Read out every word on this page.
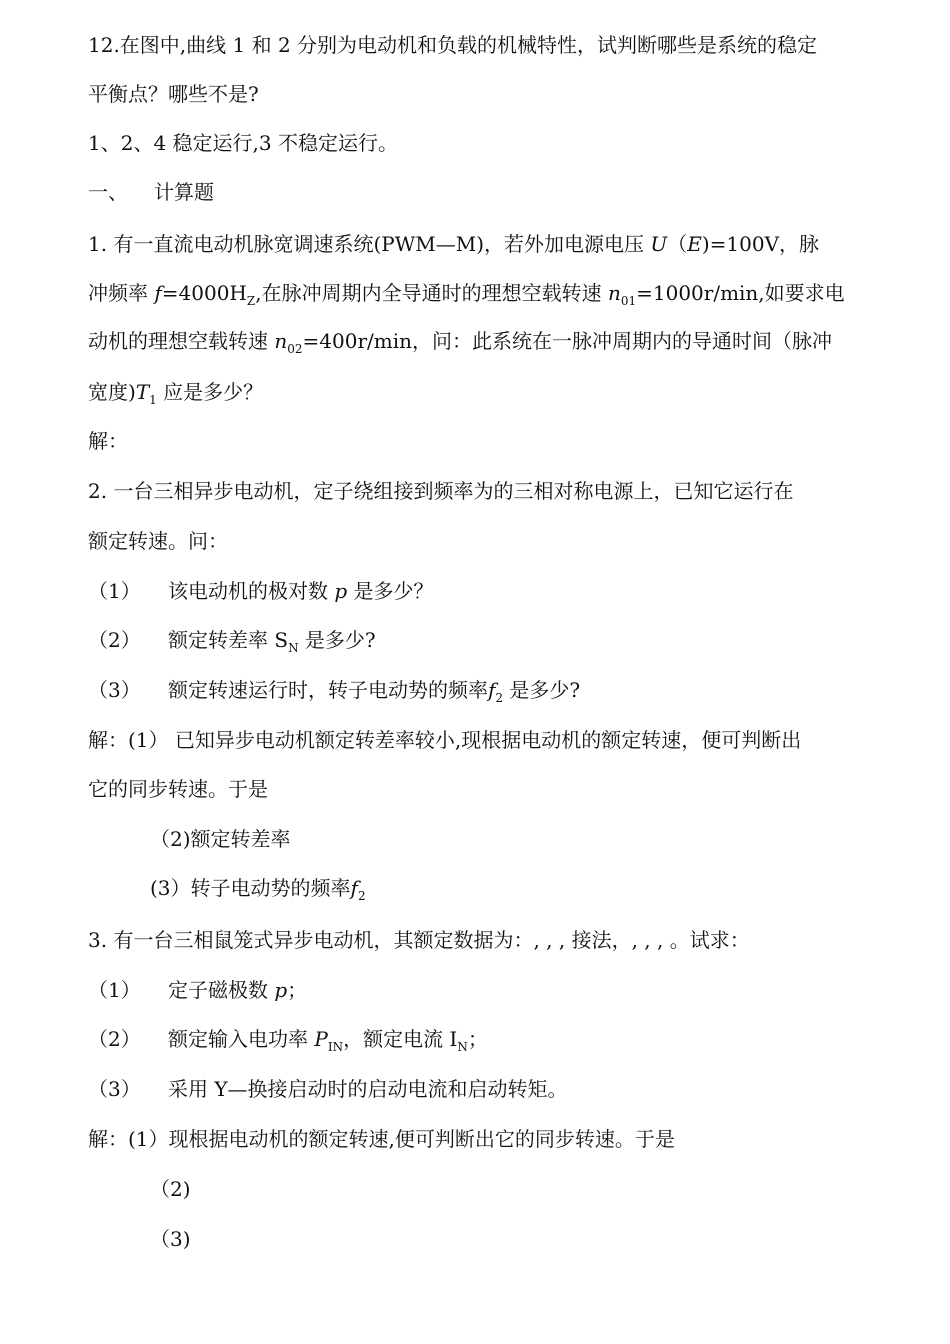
12.在图中,曲线 1 和 2 分别为电动机和负载的机械特性，试判断哪些是系统的稳定
平衡点？哪些不是?
1、2、4 稳定运行,3 不稳定运行。
一、 计算题
1. 有一直流电动机脉宽调速系统(PWM—M)，若外加电源电压 U（E)=100V，脉
冲频率 $f=4000H_Z$,在脉冲周期内全导通时的理想空载转速 $n_{01}=1000r/\min$,如要求电
动机的理想空载转速 $n_{02}=400r/\min$，问：此系统在一脉冲周期内的导通时间（脉冲
宽度)$T_1$ 应是多少？
解：
2. 一台三相异步电动机，定子绕组接到频率为的三相对称电源上，已知它运行在
额定转速。问：
（1） 该电动机的极对数 p 是多少？
（2） 额定转差率 $S_N$ 是多少?
（3） 额定转速运行时，转子电动势的频率$f_2$ 是多少?
解：(1） 已知异步电动机额定转差率较小,现根据电动机的额定转速，便可判断出
它的同步转速。于是
（2)额定转差率
(3）转子电动势的频率$f_2$
3. 有一台三相鼠笼式异步电动机，其额定数据为：, , , 接法，, , , 。试求：
（1） 定子磁极数 p；
（2） 额定输入电功率 $P_{IN}$，额定电流 $I_N$；
（3） 采用 Y—换接启动时的启动电流和启动转矩。
解：(1）现根据电动机的额定转速,便可判断出它的同步转速。于是
（2)
（3)
